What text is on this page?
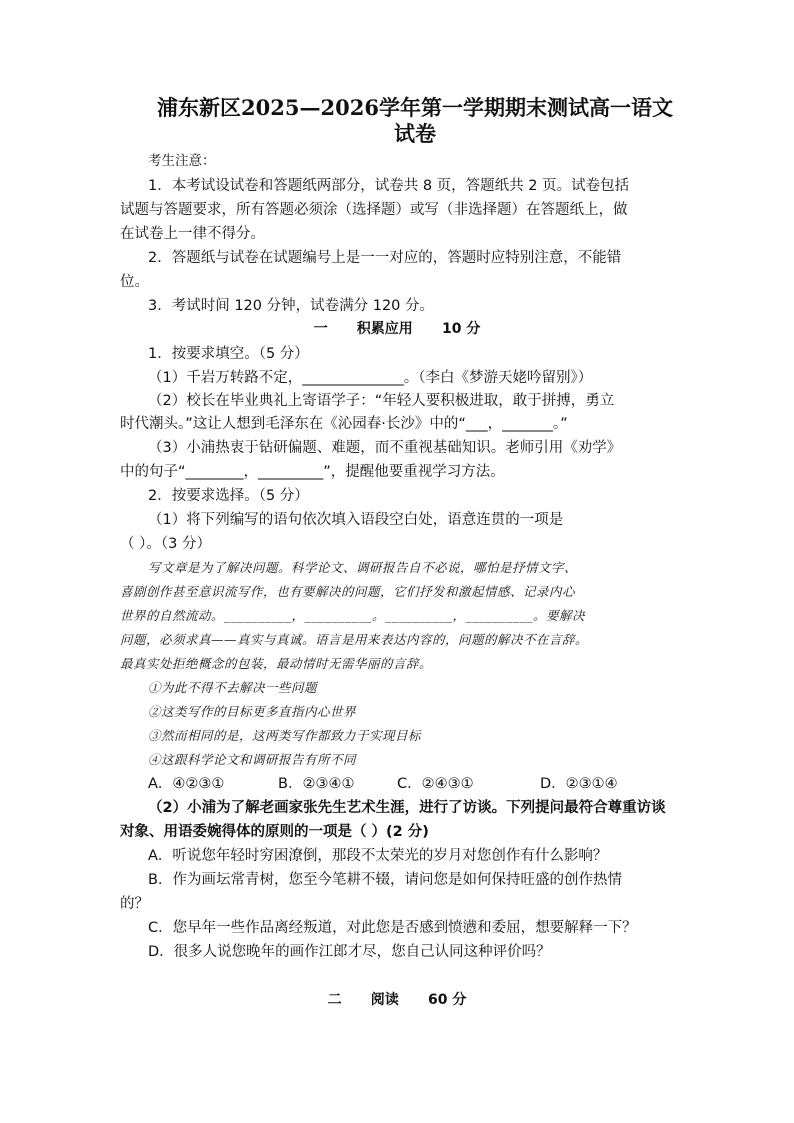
浦东新区2025—2026学年第一学期期末测试高一语文
试卷
考生注意：
1．本考试设试卷和答题纸两部分，试卷共 8 页，答题纸共 2 页。试卷包括
试题与答题要求，所有答题必须涂（选择题）或写（非选择题）在答题纸上，做
在试卷上一律不得分。
2．答题纸与试卷在试题编号上是一一对应的，答题时应特别注意，不能错
位。
3．考试时间 120 分钟，试卷满分 120 分。
一      积累应用      10 分
1．按要求填空。（5 分）
（1）千岩万转路不定，______________。（李白《梦游天姥吟留别》）
（2）校长在毕业典礼上寄语学子：“年轻人要积极进取，敢于拼搏，勇立
时代潮头。”这让人想到毛泽东在《沁园春·长沙》中的“___，_______。”
（3）小浦热衷于钻研偏题、难题，而不重视基础知识。老师引用《劝学》
中的句子“________，_________”，提醒他要重视学习方法。
2．按要求选择。（5 分）
（1）将下列编写的语句依次填入语段空白处，语意连贯的一项是
（ ）。（3 分）
写文章是为了解决问题。科学论文、调研报告自不必说，哪怕是抒情文字、
喜剧创作甚至意识流写作，也有要解决的问题，它们抒发和激起情感、记录内心
世界的自然流动。__________，__________。__________，__________。要解决
问题，必须求真——真实与真诚。语言是用来表达内容的，问题的解决不在言辞。
最真实处拒绝概念的包装，最动情时无需华丽的言辞。
①为此不得不去解决一些问题
②这类写作的目标更多直指内心世界
③然而相同的是，这两类写作都致力于实现目标
④这跟科学论文和调研报告有所不同
A．④②③①	B．②③④①	C．②④③①	D．②③①④
（2）小浦为了解老画家张先生艺术生涯，进行了访谈。下列提问最符合尊重访谈
对象、用语委婉得体的原则的一项是（ ）(2 分)
A．听说您年轻时穷困潦倒，那段不太荣光的岁月对您创作有什么影响？
B．作为画坛常青树，您至今笔耕不辍，请问您是如何保持旺盛的创作热情
的？
C．您早年一些作品离经叛道，对此您是否感到愤懑和委屈，想要解释一下？
D．很多人说您晚年的画作江郎才尽，您自己认同这种评价吗？
二      阅读      60 分
